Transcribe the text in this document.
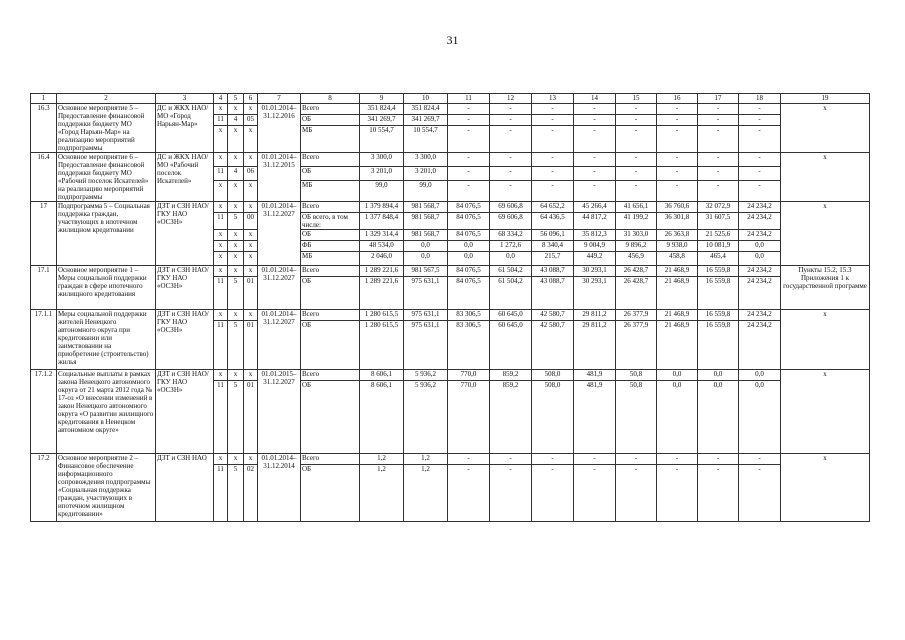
31
1	2	3	4	5	6	7	8	9	10	11	12	13	14	15	16	17	18	19
16.3	Основное мероприятие 5 – Предоставление финансовой поддержки бюджету МО «Город Нарьян-Мар» на реализацию мероприятий подпрограммы	ДС и ЖКХ НАО/ МО «Город Нарьян-Мар»	х	х	х	01.01.2014– 31.12.2016	Всего	351 824,4	351 824,4	-	-	-	-	-	-	-	-	х
			11	4	05		ОБ	341 269,7	341 269,7	-	-	-	-	-	-	-	-	
			х	х	х		МБ	10 554,7	10 554,7	-	-	-	-	-	-	-	-	
16.4	Основное мероприятие 6 – Предоставление финансовой поддержки бюджету МО «Рабочий поселок Искателей» на реализацию мероприятий подпрограммы	ДС и ЖКХ НАО/ МО «Рабочий поселок Искателей»	х	х	х	01.01.2014– 31.12.2015	Всего	3 300,0	3 300,0	-	-	-	-	-	-	-	-	х
			11	4	06		ОБ	3 201,0	3 201,0	-	-	-	-	-	-	-	-	
			х	х	х		МБ	99,0	99,0	-	-	-	-	-	-	-	-	
17	Подпрограмма 5 – Социальная поддержка граждан, участвующих в ипотечном жилищном кредитовании	ДЗТ и СЗН НАО/ ГКУ НАО «ОСЗН»	х	х	х	01.01.2014– 31.12.2027	Всего	1 379 894,4	981 568,7	84 076,5	69 606,8	64 652,2	45 266,4	41 656,1	36 760,6	32 072,9	24 234,2	х
			11	5	00		ОБ всего, в том числе:	1 377 848,4	981 568,7	84 076,5	69 606,8	64 436,5	44 817,2	41 199,2	36 301,8	31 607,5	24 234,2	
			х	х	х		ОБ	1 329 314,4	981 568,7	84 076,5	68 334,2	56 096,1	35 812,3	31 303,0	26 363,8	21 525,6	24 234,2	
			х	х	х		ФБ	48 534,0	0,0	0,0	1 272,6	8 340,4	9 004,9	9 896,2	9 938,0	10 081,9	0,0	
			х	х	х		МБ	2 046,0	0,0	0,0	0,0	215,7	449,2	456,9	458,8	465,4	0,0	
17.1	Основное мероприятие 1 – Меры социальной поддержки граждан в сфере ипотечного жилищного кредитования	ДЗТ и СЗН НАО/ ГКУ НАО «ОСЗН»	х	х	х	01.01.2014– 31.12.2027	Всего	1 289 221,6	981 567,5	84 076,5	61 504,2	43 088,7	30 293,1	26 428,7	21 468,9	16 559,8	24 234,2	Пункты 15.2, 15.3 Приложения 1 к государственной программе
			11	5	01		ОБ	1 289 221,6	975 631,1	84 076,5	61 504,2	43 088,7	30 293,1	26 428,7	21 468,9	16 559,8	24 234,2	
17.1.1	Меры социальной поддержки жителей Ненецкого автономного округа при кредитовании или заимствовании на приобретение (строительство) жилья	ДЗТ и СЗН НАО/ ГКУ НАО «ОСЗН»	х	х	х	01.01.2014– 31.12.2027	Всего	1 280 615,5	975 631,1	83 306,5	60 645,0	42 580,7	29 811,2	26 377,9	21 468,9	16 559,8	24 234,2	х
			11	5	01		ОБ	1 280 615,5	975 631,1	83 306,5	60 645,0	42 580,7	29 811,2	26 377,9	21 468,9	16 559,8	24 234,2	
17.1.2	Социальные выплаты в рамках закона Ненецкого автономного округа от 21 марта 2012 года № 17-оз «О внесении изменений в закон Ненецкого автономного округа «О развитии жилищного кредитования в Ненецком автономном округе»	ДЗТ и СЗН НАО/ ГКУ НАО «ОСЗН»	х	х	х	01.01.2015– 31.12.2027	Всего	8 606,1	5 936,2	770,0	859,2	508,0	481,9	50,8	0,0	0,0	0,0	х
			11	5	01		ОБ	8 606,1	5 936,2	770,0	859,2	508,0	481,9	50,8	0,0	0,0	0,0	
17.2	Основное мероприятие 2 – Финансовое обеспечение информационного сопровождения подпрограммы «Социальная поддержка граждан, участвующих в ипотечном жилищном кредитовании»	ДЗТ и СЗН НАО	х	х	х	01.01.2014– 31.12.2014	Всего	1,2	1,2	-	-	-	-	-	-	-	-	х
			11	5	02		ОБ	1,2	1,2	-	-	-	-	-	-	-	-	
